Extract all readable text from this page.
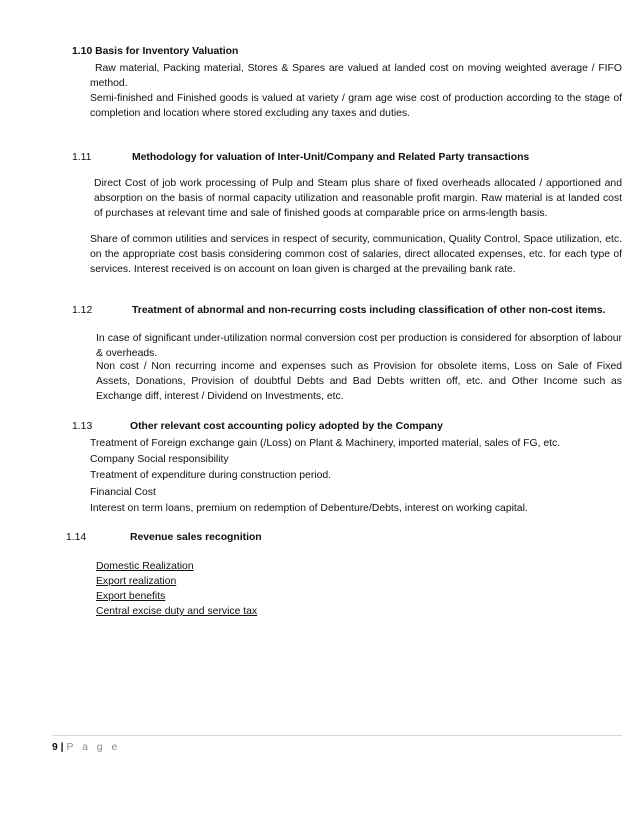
1.10 Basis for Inventory Valuation
Raw material, Packing material, Stores & Spares are valued at landed cost on moving weighted average / FIFO method.
Semi-finished and Finished goods is valued at variety / gram age wise cost of production according to the stage of completion and location where stored excluding any taxes and duties.
1.11	Methodology for valuation of Inter-Unit/Company and Related Party transactions
Direct Cost of job work processing of Pulp and Steam plus share of fixed overheads allocated / apportioned and absorption on the basis of normal capacity utilization and reasonable profit margin. Raw material is at landed cost of purchases at relevant time and sale of finished goods at comparable price on arms-length basis.
Share of common utilities and services in respect of security, communication, Quality Control, Space utilization, etc. on the appropriate cost basis considering common cost of salaries, direct allocated expenses, etc. for each type of services. Interest received is on account on loan given is charged at the prevailing bank rate.
1.12	Treatment of abnormal and non-recurring costs including classification of other non-cost items.
In case of significant under-utilization normal conversion cost per production is considered for absorption of labour & overheads.
Non cost / Non recurring income and expenses such as Provision for obsolete items, Loss on Sale of Fixed Assets, Donations, Provision of doubtful Debts and Bad Debts written off, etc. and Other Income such as Exchange diff, interest / Dividend on Investments, etc.
1.13	Other relevant cost accounting policy adopted by the Company
Treatment of Foreign exchange gain (/Loss) on Plant & Machinery, imported material, sales of FG, etc.
Company Social responsibility
Treatment of expenditure during construction period.
Financial Cost
Interest on term loans, premium on redemption of Debenture/Debts, interest on working capital.
1.14	Revenue sales recognition
Domestic Realization
Export realization
Export benefits
Central excise duty and service tax
9 | P a g e
